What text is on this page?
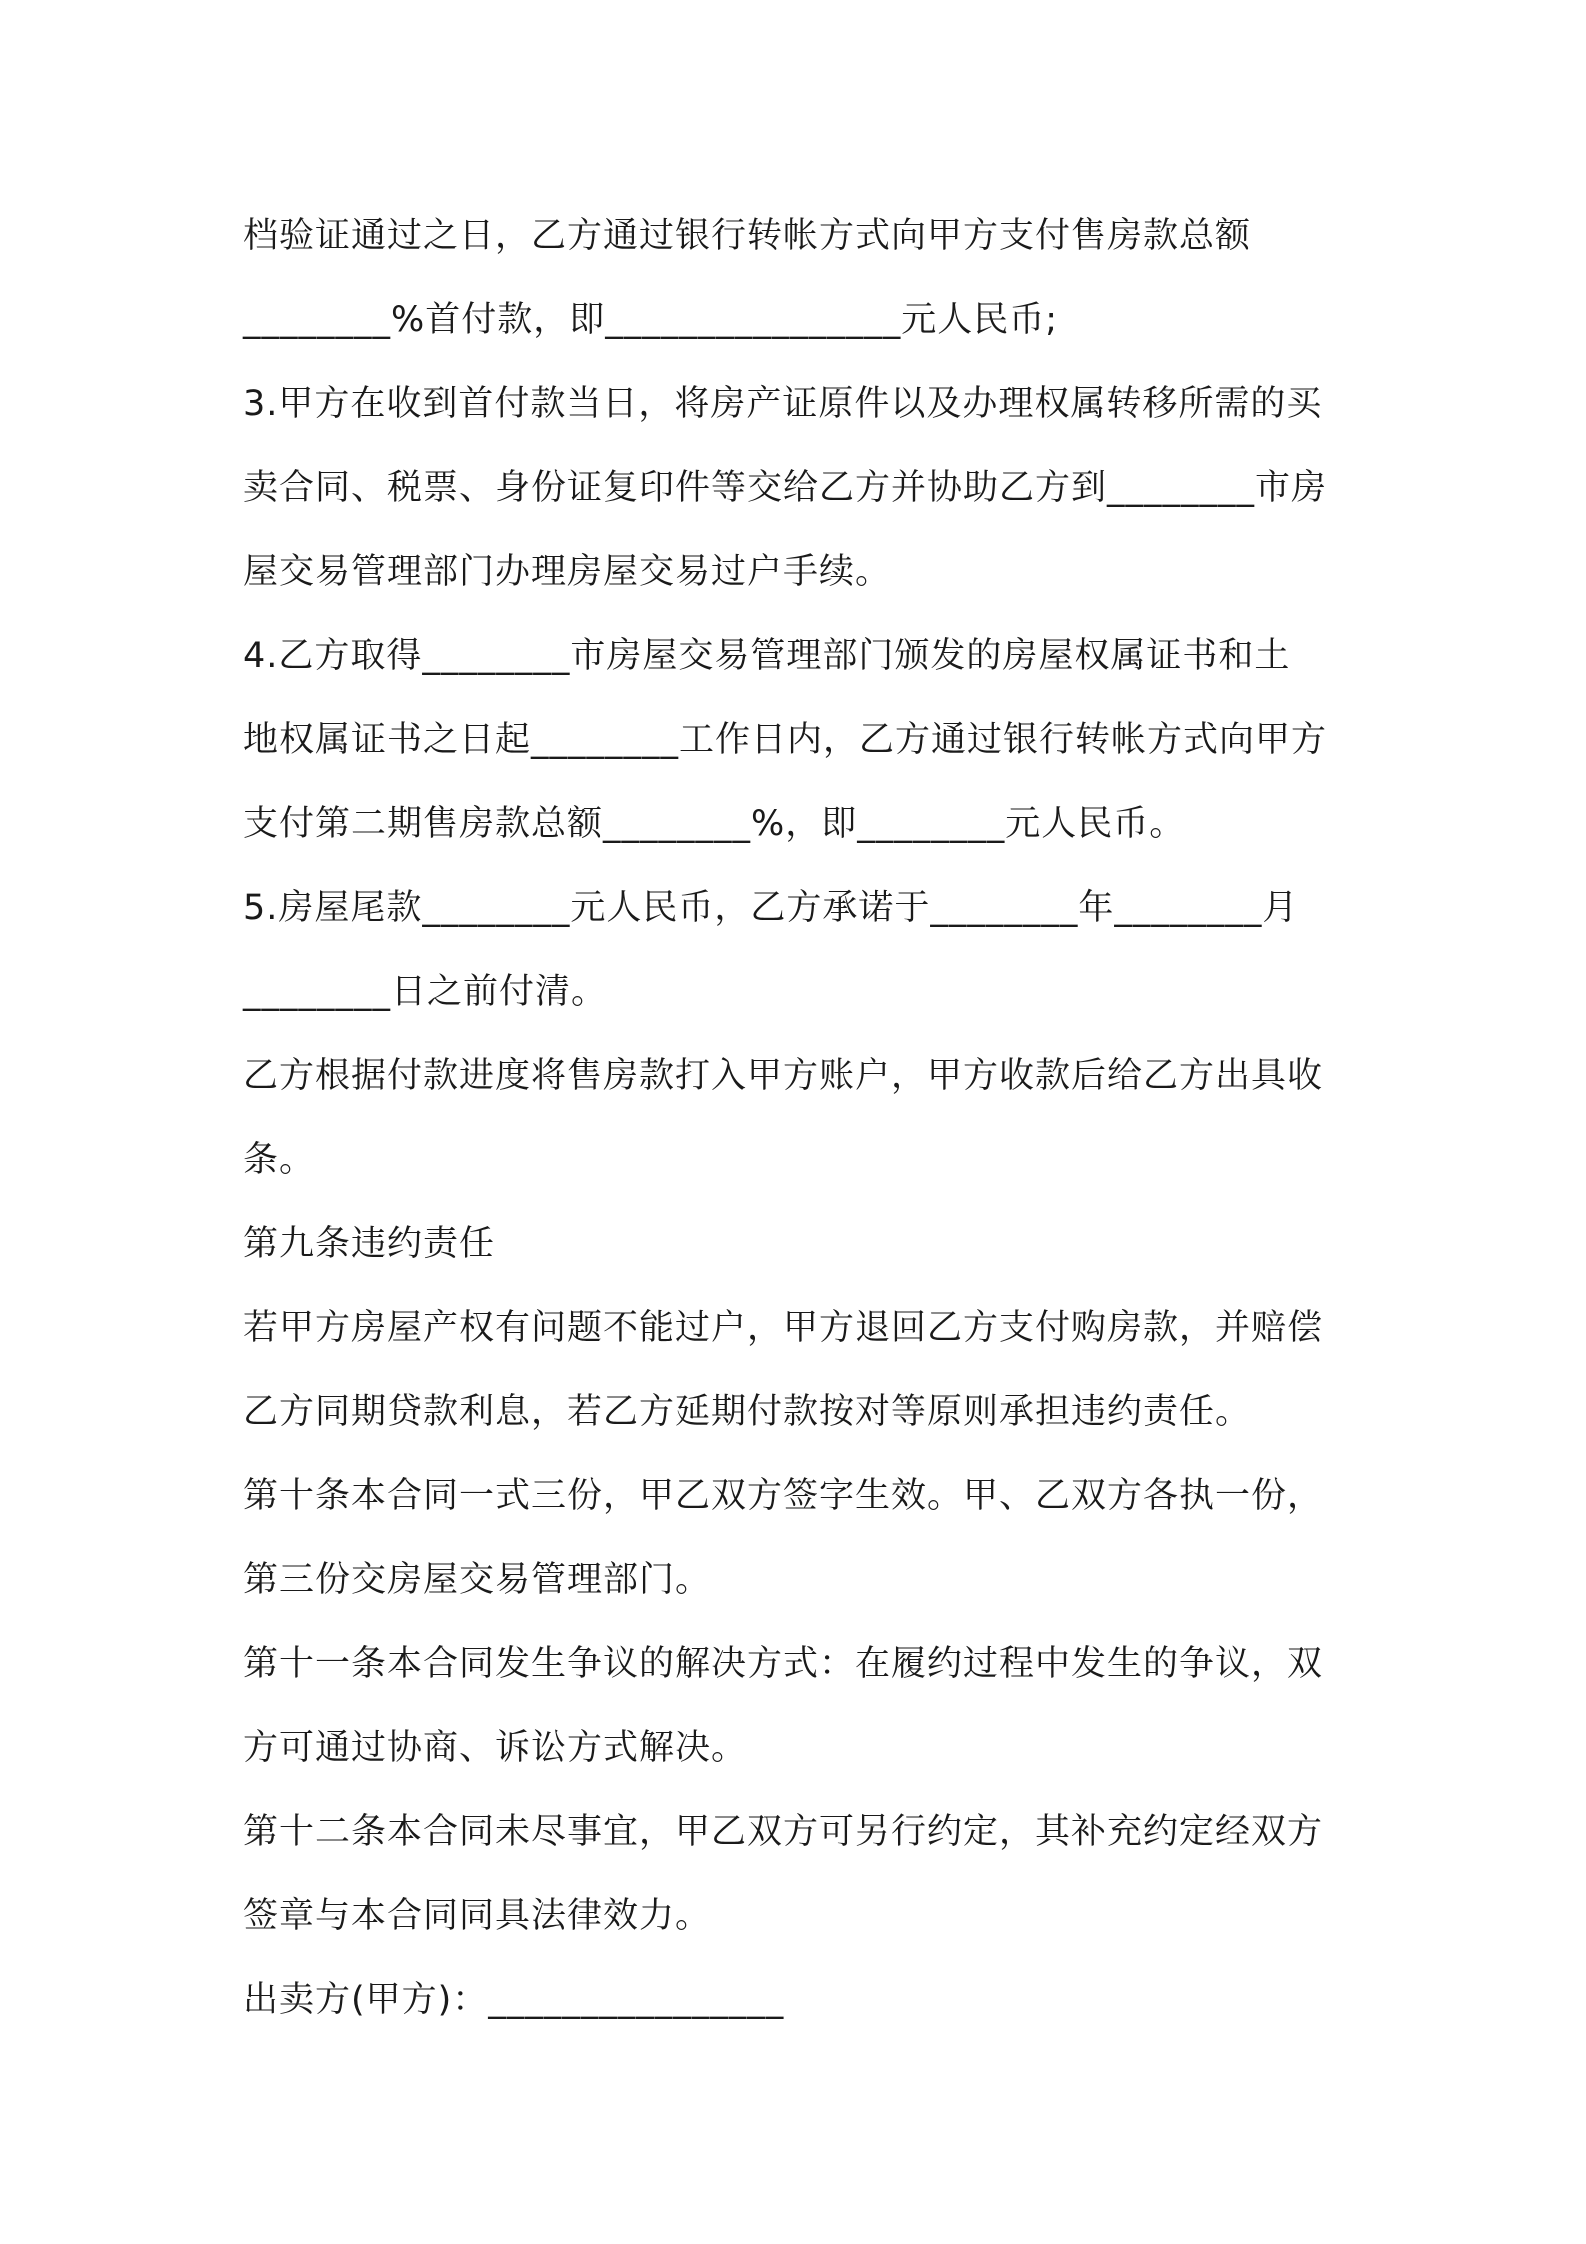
档验证通过之日，乙方通过银行转帐方式向甲方支付售房款总额

________%首付款，即________________元人民币;

3.甲方在收到首付款当日，将房产证原件以及办理权属转移所需的买

卖合同、税票、身份证复印件等交给乙方并协助乙方到________市房

屋交易管理部门办理房屋交易过户手续。

4.乙方取得________市房屋交易管理部门颁发的房屋权属证书和土

地权属证书之日起________工作日内，乙方通过银行转帐方式向甲方

支付第二期售房款总额________%，即________元人民币。

5.房屋尾款________元人民币，乙方承诺于________年________月

________日之前付清。

乙方根据付款进度将售房款打入甲方账户，甲方收款后给乙方出具收

条。

第九条违约责任

若甲方房屋产权有问题不能过户，甲方退回乙方支付购房款，并赔偿

乙方同期贷款利息，若乙方延期付款按对等原则承担违约责任。

第十条本合同一式三份，甲乙双方签字生效。甲、乙双方各执一份，

第三份交房屋交易管理部门。

第十一条本合同发生争议的解决方式：在履约过程中发生的争议，双

方可通过协商、诉讼方式解决。

第十二条本合同未尽事宜，甲乙双方可另行约定，其补充约定经双方

签章与本合同同具法律效力。

出卖方(甲方)：________________
